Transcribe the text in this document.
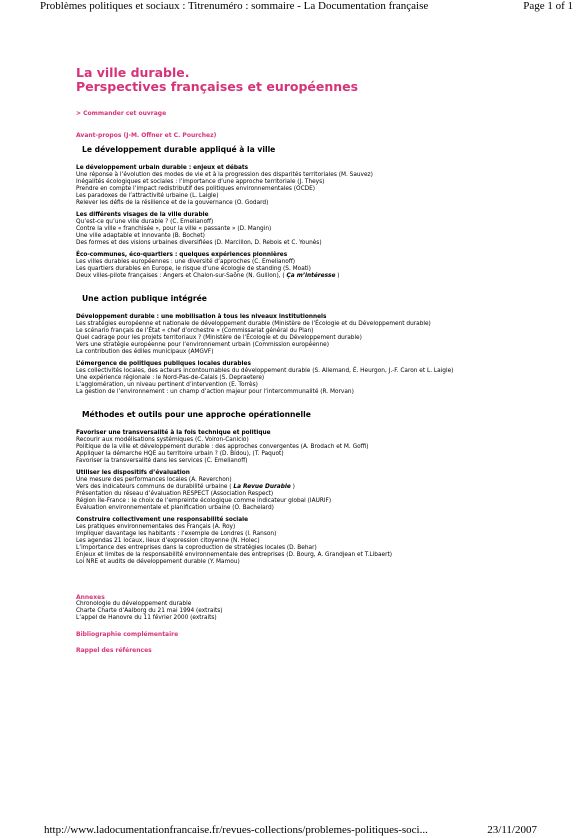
Problèmes politiques et sociaux : Titrenuméro : sommaire - La Documentation française	Page 1 of 1
La ville durable.
Perspectives françaises et européennes
> Commander cet ouvrage
Avant-propos (J-M. Offner et C. Pourchez)
Le développement durable appliqué à la ville
Le développement urbain durable : enjeux et débats
Une réponse à l’évolution des modes de vie et à la progression des disparités territoriales (M. Sauvez)
Inégalités écologiques et sociales : l’importance d’une approche territoriale (J. Theys)
Prendre en compte l’impact redistributif des politiques environnementales (OCDE)
Les paradoxes de l’attractivité urbaine (L. Laigle)
Relever les défis de la résilience et de la gouvernance (O. Godard)
Les différents visages de la ville durable
Qu’est-ce qu’une ville durable ? (C. Emelianoff)
Contre la ville « franchisée », pour la ville « passante » (D. Mangin)
Une ville adaptable et innovante (B. Bochet)
Des formes et des visions urbaines diversifiées (D. Marcillon, D. Rebois et C. Younès)
Éco-communes, éco-quartiers : quelques expériences pionnières
Les villes durables européennes : une diversité d’approches (C. Emelianoff)
Les quartiers durables en Europe, le risque d’une écologie de standing (S. Moati)
Deux villes-pilote françaises : Angers et Chalon-sur-Saône (N. Guillon), ( Ça m’intéresse )
Une action publique intégrée
Développement durable : une mobilisation à tous les niveaux institutionnels
Les stratégies européenne et nationale de développement durable (Ministère de l’Écologie et du Développement durable)
Le scénario français de l’État « chef d’orchestre » (Commissariat général du Plan)
Quel cadrage pour les projets territoriaux ? (Ministère de l’Écologie et du Développement durable)
Vers une stratégie européenne pour l’environnement urbain (Commission européenne)
La contribution des édiles municipaux (AMGVF)
L’émergence de politiques publiques locales durables
Les collectivités locales, des acteurs incontournables du développement durable (S. Allemand, É. Heurgon, J.-F. Caron et L. Laigle)
Une expérience régionale : le Nord-Pas-de-Calais (S. Depraetere)
L’agglomération, un niveau pertinent d’intervention (E. Torrès)
La gestion de l’environnement : un champ d’action majeur pour l’intercommunalité (R. Morvan)
Méthodes et outils pour une approche opérationnelle
Favoriser une transversalité à la fois technique et politique
Recourir aux modélisations systémiques (C. Voiron-Canicio)
Politique de la ville et développement durable : des approches convergentes (A. Brodach et M. Goffi)
Appliquer la démarche HQE au territoire urbain ? (D. Bidou), (T. Paquot)
Favoriser la transversalité dans les services (C. Emelianoff)
Utiliser les dispositifs d’évaluation
Une mesure des performances locales (A. Reverchon)
Vers des indicateurs communs de durabilité urbaine ( La Revue Durable )
Présentation du réseau d’évaluation RESPECT (Association Respect)
Région Île-France : le choix de l’empreinte écologique comme indicateur global (IAURIF)
Évaluation environnementale et planification urbaine (O. Bachelard)
Construire collectivement une responsabilité sociale
Les pratiques environnementales des Français (A. Roy)
Impliquer davantage les habitants : l’exemple de Londres (I. Ranson)
Les agendas 21 locaux, lieux d’expression citoyenne (N. Holec)
L’importance des entreprises dans la coproduction de stratégies locales (D. Behar)
Enjeux et limites de la responsabilité environnementale des entreprises (D. Bourg, A. Grandjean et T.Libaert)
Loi NRE et audits de développement durable (Y. Mamou)
Annexes
Chronologie du développement durable
Charte Charte d’Aalborg du 21 mai 1994 (extraits)
L’appel de Hanovre du 11 février 2000 (extraits)
Bibliographie complémentaire
Rappel des références
http://www.ladocumentationfrancaise.fr/revues-collections/problemes-politiques-soci...	23/11/2007
